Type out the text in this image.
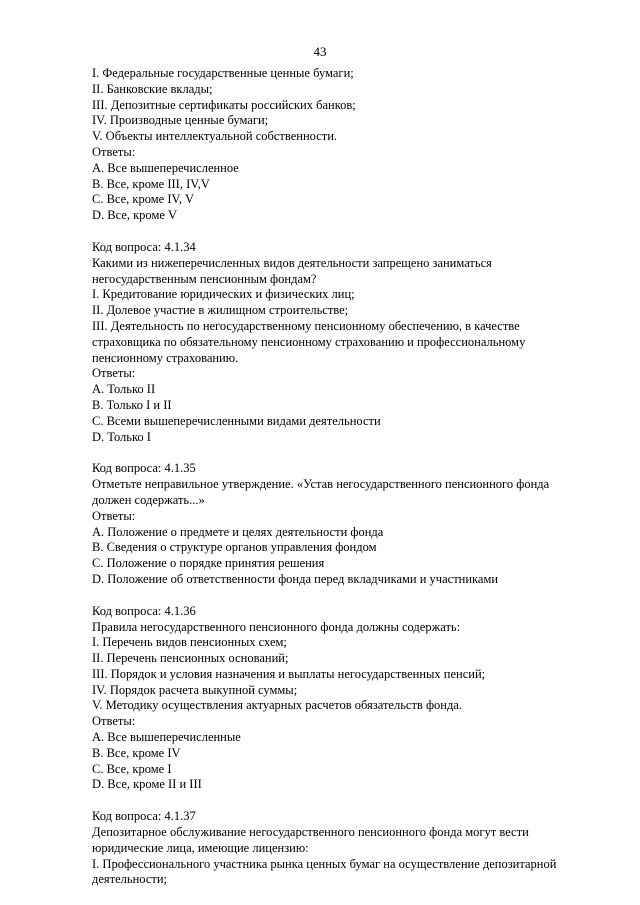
43
I. Федеральные государственные ценные бумаги;
II. Банковские вклады;
III. Депозитные сертификаты российских банков;
IV. Производные ценные бумаги;
V. Объекты интеллектуальной собственности.
Ответы:
A. Все вышеперечисленное
B. Все, кроме III, IV,V
C. Все, кроме IV, V
D. Все, кроме V
Код вопроса: 4.1.34
Какими из нижеперечисленных видов деятельности запрещено заниматься
негосударственным пенсионным фондам?
I. Кредитование юридических и физических лиц;
II. Долевое участие в жилищном строительстве;
III. Деятельность по негосударственному пенсионному обеспечению, в качестве
страховщика по обязательному пенсионному страхованию и профессиональному
пенсионному страхованию.
Ответы:
A. Только II
B. Только I и II
C. Всеми вышеперечисленными видами деятельности
D. Только I
Код вопроса: 4.1.35
Отметьте неправильное утверждение. «Устав негосударственного пенсионного фонда
должен содержать...»
Ответы:
A. Положение о предмете и целях деятельности фонда
B. Сведения о структуре органов управления фондом
C. Положение о порядке принятия решения
D. Положение об ответственности фонда перед вкладчиками и участниками
Код вопроса: 4.1.36
Правила негосударственного пенсионного фонда должны содержать:
I. Перечень видов пенсионных схем;
II. Перечень пенсионных оснований;
III. Порядок и условия назначения и выплаты негосударственных пенсий;
IV. Порядок расчета выкупной суммы;
V. Методику осуществления актуарных расчетов обязательств фонда.
Ответы:
A. Все вышеперечисленные
B. Все, кроме IV
C. Все, кроме I
D. Все, кроме II и III
Код вопроса: 4.1.37
Депозитарное обслуживание негосударственного пенсионного фонда могут вести
юридические лица, имеющие лицензию:
I. Профессионального участника рынка ценных бумаг на осуществление депозитарной
деятельности;
